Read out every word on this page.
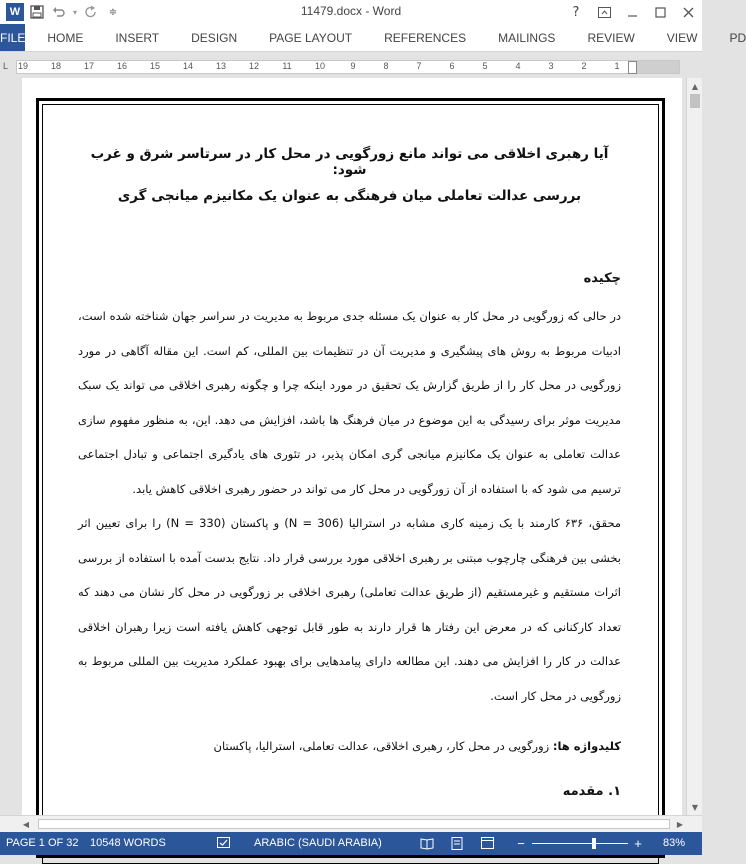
W	▾	≑	11479.docx - Word	?
FILE	HOME	INSERT	DESIGN	PAGE LAYOUT	REFERENCES	MAILINGS	REVIEW	VIEW	PD
L	19	18	17	16	15	14	13	12	11	10	9	8	7	6	5	4	3	2	1
آیا رهبری اخلاقی می تواند مانع زورگویی در محل کار در سرتاسر شرق و غرب شود:
بررسی عدالت تعاملی میان فرهنگی به عنوان یک مکانیزم میانجی گری
چکیده
در حالی که زورگویی در محل کار به عنوان یک مسئله جدی مربوط به مدیریت در سراسر جهان شناخته شده است، ادبیات مربوط به روش های پیشگیری و مدیریت آن در تنظیمات بین المللی، کم است. این مقاله آگاهی در مورد زورگویی در محل کار را از طریق گزارش یک تحقیق در مورد اینکه چرا و چگونه رهبری اخلاقی می تواند یک سبک مدیریت موثر برای رسیدگی به این موضوع در میان فرهنگ ها باشد، افزایش می دهد. این، به منظور مفهوم سازی عدالت تعاملی به عنوان یک مکانیزم میانجی گری امکان پذیر، در تئوری های یادگیری اجتماعی و تبادل اجتماعی ترسیم می شود که با استفاده از آن زورگویی در محل کار می تواند در حضور رهبری اخلاقی کاهش یابد.
محقق، ۶۳۶ کارمند با یک زمینه کاری مشابه در استرالیا (N = 306) و پاکستان (N = 330) را برای تعیین اثر بخشی بین فرهنگی چارچوب مبتنی بر رهبری اخلاقی مورد بررسی قرار داد. نتایج بدست آمده با استفاده از بررسی اثرات مستقیم و غیرمستقیم (از طریق عدالت تعاملی) رهبری اخلاقی بر زورگویی در محل کار نشان می دهند که تعداد کارکنانی که در معرض این رفتار ها قرار دارند به طور قابل توجهی کاهش یافته است زیرا رهبران اخلاقی عدالت در کار را افزایش می دهند. این مطالعه دارای پیامدهایی برای بهبود عملکرد مدیریت بین المللی مربوط به زورگویی در محل کار است.
کلیدواژه ها: زورگویی در محل کار، رهبری اخلاقی، عدالت تعاملی، استرالیا، پاکستان
۱. مقدمه
▲
▼
◀	▶
PAGE 1 OF 32 10548 WORDS	ARABIC (SAUDI ARABIA)	−	+ 83%
